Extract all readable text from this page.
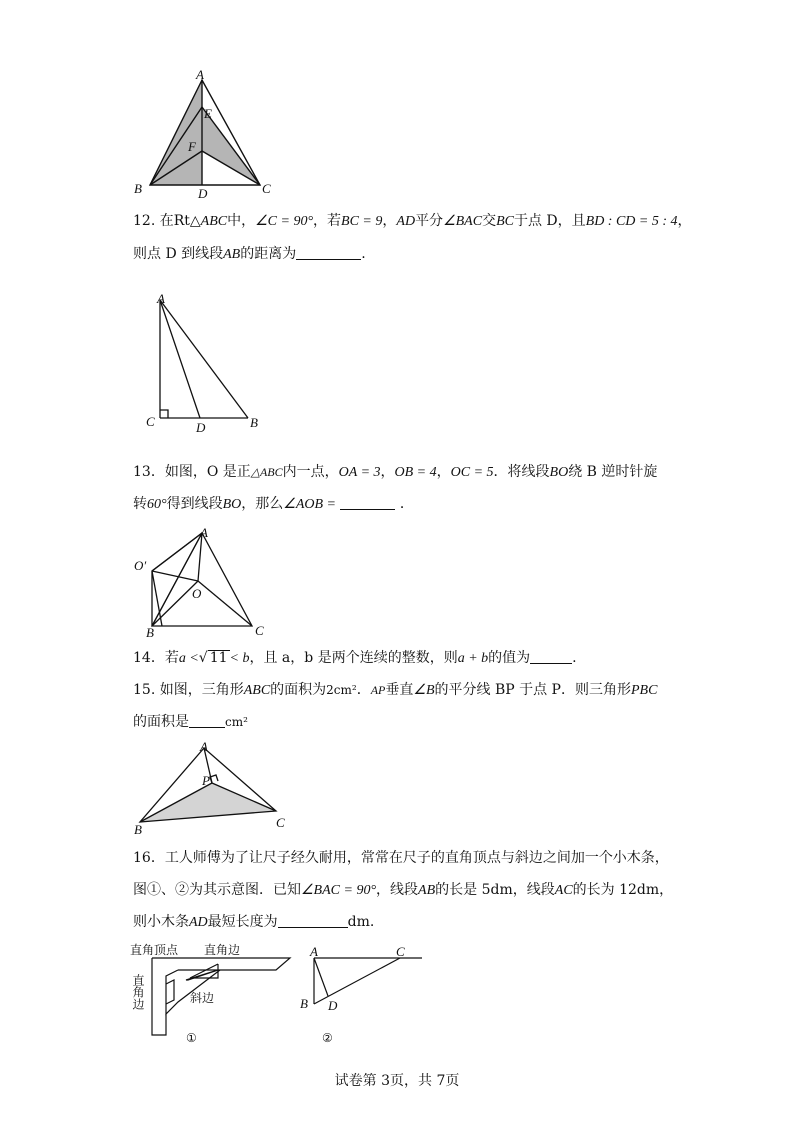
A
E
F
B	D	C
12. 在Rt△ABC中，∠C = 90°，若BC = 9，AD平分∠BAC交BC于点 D，且BD : CD = 5 : 4，
则点 D 到线段AB的距离为	.
A
C	D	B
13．如图，O 是正△ABC内一点，OA = 3，OB = 4，OC = 5．将线段BO绕 B 逆时针旋
转60°得到线段BO，那么∠AOB =	．
A
O′
O
B	C
14．若a <√ 11 < b，且 a，b 是两个连续的整数，则a + b的值为	.
15. 如图，三角形ABC的面积为2cm²．AP垂直∠B的平分线 BP 于点 P．则三角形PBC
的面积是	cm²
A
P
B	C
16．工人师傅为了让尺子经久耐用，常常在尺子的直角顶点与斜边之间加一个小木条，
图①、②为其示意图．已知∠BAC = 90°，线段AB的长是 5dm，线段AC的长为 12dm，
则小木条AD最短长度为	dm.
直角顶点 直角边
直角边	斜边
①
A	C
B D
②
试卷第 3页，共 7页
